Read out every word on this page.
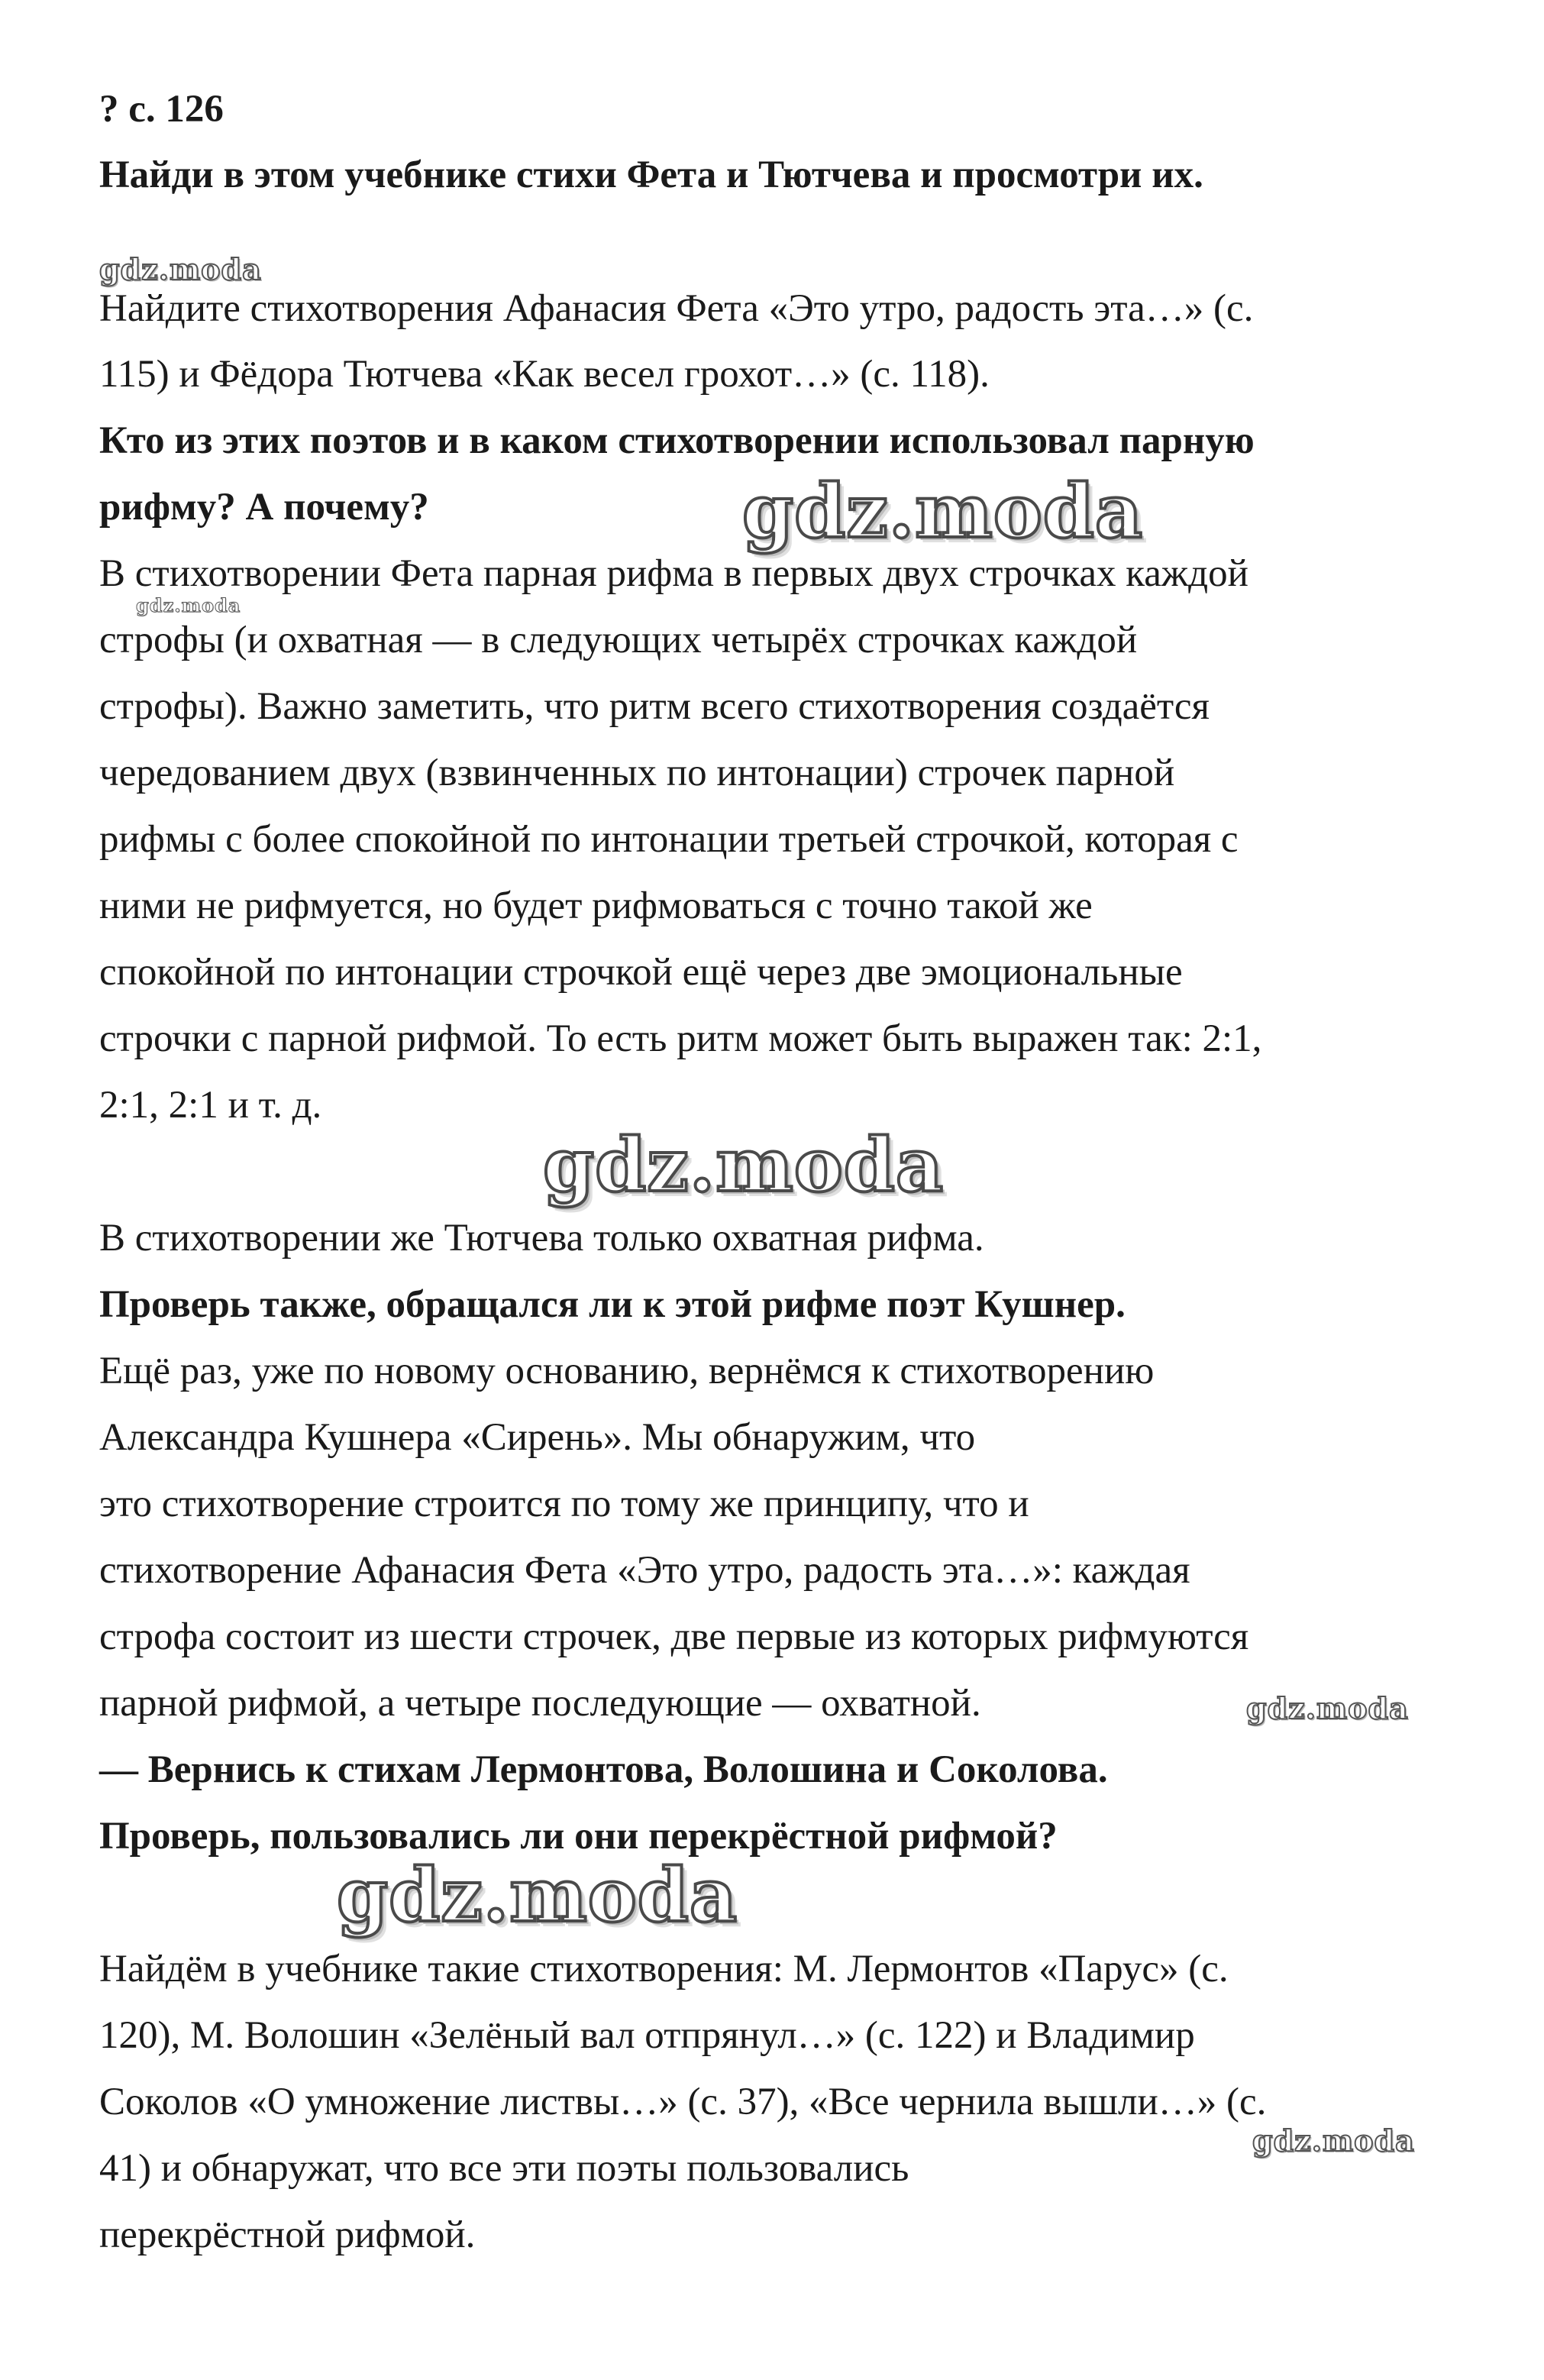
? с. 126
Найди в этом учебнике стихи Фета и Тютчева и просмотри их.
Найдите стихотворения Афанасия Фета «Это утро, радость эта…» (с.
115) и Фёдора Тютчева «Как весел грохот…» (с. 118).
Кто из этих поэтов и в каком стихотворении использовал парную
рифму? А почему?
В стихотворении Фета парная рифма в первых двух строчках каждой
строфы (и охватная — в следующих четырёх строчках каждой
строфы). Важно заметить, что ритм всего стихотворения создаётся
чередованием двух (взвинченных по интонации) строчек парной
рифмы с более спокойной по интонации третьей строчкой, которая с
ними не рифмуется, но будет рифмоваться с точно такой же
спокойной по интонации строчкой ещё через две эмоциональные
строчки с парной рифмой. То есть ритм может быть выражен так: 2:1,
2:1, 2:1 и т. д.
В стихотворении же Тютчева только охватная рифма.
Проверь также, обращался ли к этой рифме поэт Кушнер.
Ещё раз, уже по новому основанию, вернёмся к стихотворению
Александра Кушнера «Сирень». Мы обнаружим, что
это стихотворение строится по тому же принципу, что и
стихотворение Афанасия Фета «Это утро, радость эта…»: каждая
строфа состоит из шести строчек, две первые из которых рифмуются
парной рифмой, а четыре последующие — охватной.
— Вернись к стихам Лермонтова, Волошина и Соколова.
Проверь, пользовались ли они перекрёстной рифмой?
Найдём в учебнике такие стихотворения: М. Лермонтов «Парус» (с.
120), М. Волошин «Зелёный вал отпрянул…» (с. 122) и Владимир
Соколов «О умножение листвы…» (с. 37), «Все чернила вышли…» (с.
41) и обнаружат, что все эти поэты пользовались
перекрёстной рифмой.
gdz.moda
gdz.moda
gdz.moda
gdz.moda
gdz.moda
gdz.moda
gdz.moda
